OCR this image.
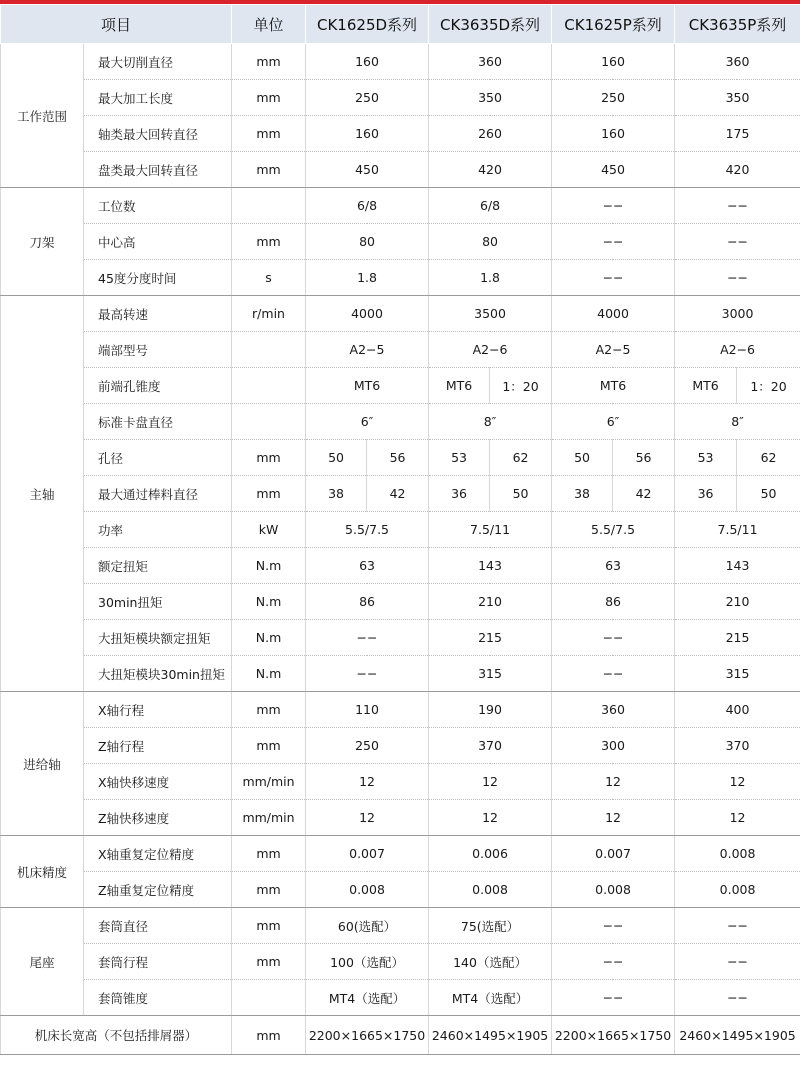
项目		单位	CK1625D系列		CK3635D系列		CK1625P系列		CK3635P系列	
工作范围	最大切削直径	mm	160		360		160		360	
	最大加工长度	mm	250		350		250		350	
	轴类最大回转直径	mm	160		260		160		175	
	盘类最大回转直径	mm	450		420		450		420	
刀架	工位数		6/8		6/8		−−		−−	
	中心高	mm	80		80		−−		−−	
	45度分度时间	s	1.8		1.8		−−		−−	
主轴	最高转速	r/min	4000		3500		4000		3000	
	端部型号		A2−5		A2−6		A2−5		A2−6	
	前端孔锥度		MT6		MT6	1：20	MT6		MT6	1：20
	标准卡盘直径		6″		8″		6″		8″	
	孔径	mm	50	56	53	62	50	56	53	62
	最大通过棒料直径	mm	38	42	36	50	38	42	36	50
	功率	kW	5.5/7.5		7.5/11		5.5/7.5		7.5/11	
	额定扭矩	N.m	63		143		63		143	
	30min扭矩	N.m	86		210		86		210	
	大扭矩模块额定扭矩	N.m	−−		215		−−		215	
	大扭矩模块30min扭矩	N.m	−−		315		−−		315	
进给轴	X轴行程	mm	110		190		360		400	
	Z轴行程	mm	250		370		300		370	
	X轴快移速度	mm/min	12		12		12		12	
	Z轴快移速度	mm/min	12		12		12		12	
机床精度	X轴重复定位精度	mm	0.007		0.006		0.007		0.008	
	Z轴重复定位精度	mm	0.008		0.008		0.008		0.008	
尾座	套筒直径	mm	60(选配）		75(选配）		−−		−−	
	套筒行程	mm	100（选配）		140（选配）		−−		−−	
	套筒锥度		MT4（选配）		MT4（选配）		−−		−−	
机床长宽高（不包括排屑器）		mm	2200×1665×1750		2460×1495×1905		2200×1665×1750		2460×1495×1905	
